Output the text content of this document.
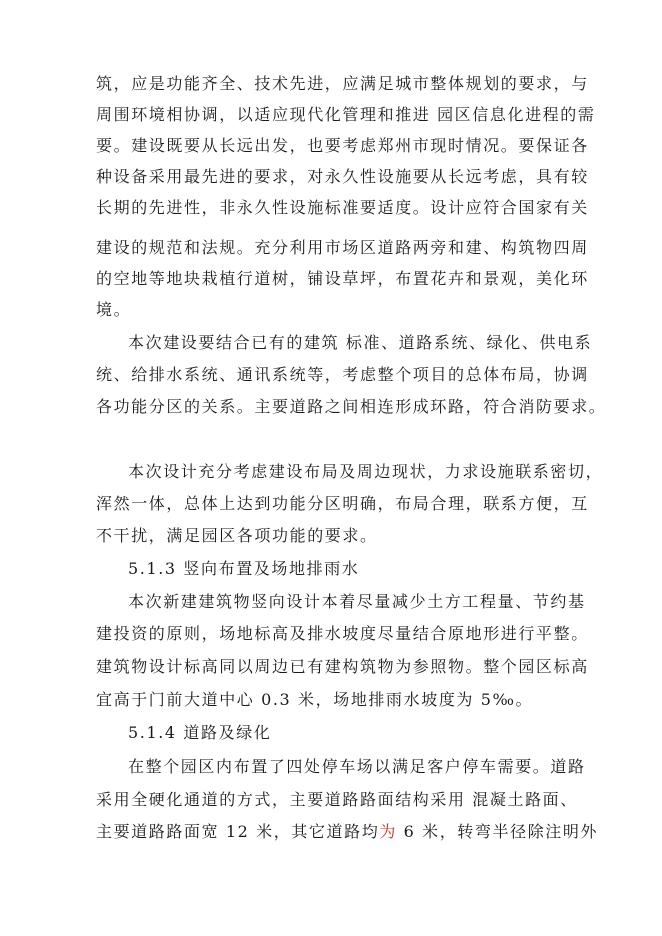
筑，应是功能齐全、技术先进，应满足城市整体规划的要求，与
周围环境相协调，以适应现代化管理和推进 园区信息化进程的需
要。建设既要从长远出发，也要考虑郑州市现时情况。要保证各
种设备采用最先进的要求，对永久性设施要从长远考虑，具有较
长期的先进性，非永久性设施标准要适度。设计应符合国家有关
建设的规范和法规。充分利用市场区道路两旁和建、构筑物四周
的空地等地块栽植行道树，铺设草坪，布置花卉和景观，美化环
境。
本次建设要结合已有的建筑 标准、道路系统、绿化、供电系
统、给排水系统、通讯系统等，考虑整个项目的总体布局，协调
各功能分区的关系。主要道路之间相连形成环路，符合消防要求。
本次设计充分考虑建设布局及周边现状，力求设施联系密切，
浑然一体，总体上达到功能分区明确，布局合理，联系方便，互
不干扰，满足园区各项功能的要求。
5.1.3 竖向布置及场地排雨水
本次新建建筑物竖向设计本着尽量减少土方工程量、节约基
建投资的原则，场地标高及排水坡度尽量结合原地形进行平整。
建筑物设计标高同以周边已有建构筑物为参照物。整个园区标高
宜高于门前大道中心 0.3 米，场地排雨水坡度为 5‰。
5.1.4 道路及绿化
在整个园区内布置了四处停车场以满足客户停车需要。道路
采用全硬化通道的方式，主要道路路面结构采用 混凝土路面、
主要道路路面宽 12 米，其它道路均为 6 米，转弯半径除注明外
